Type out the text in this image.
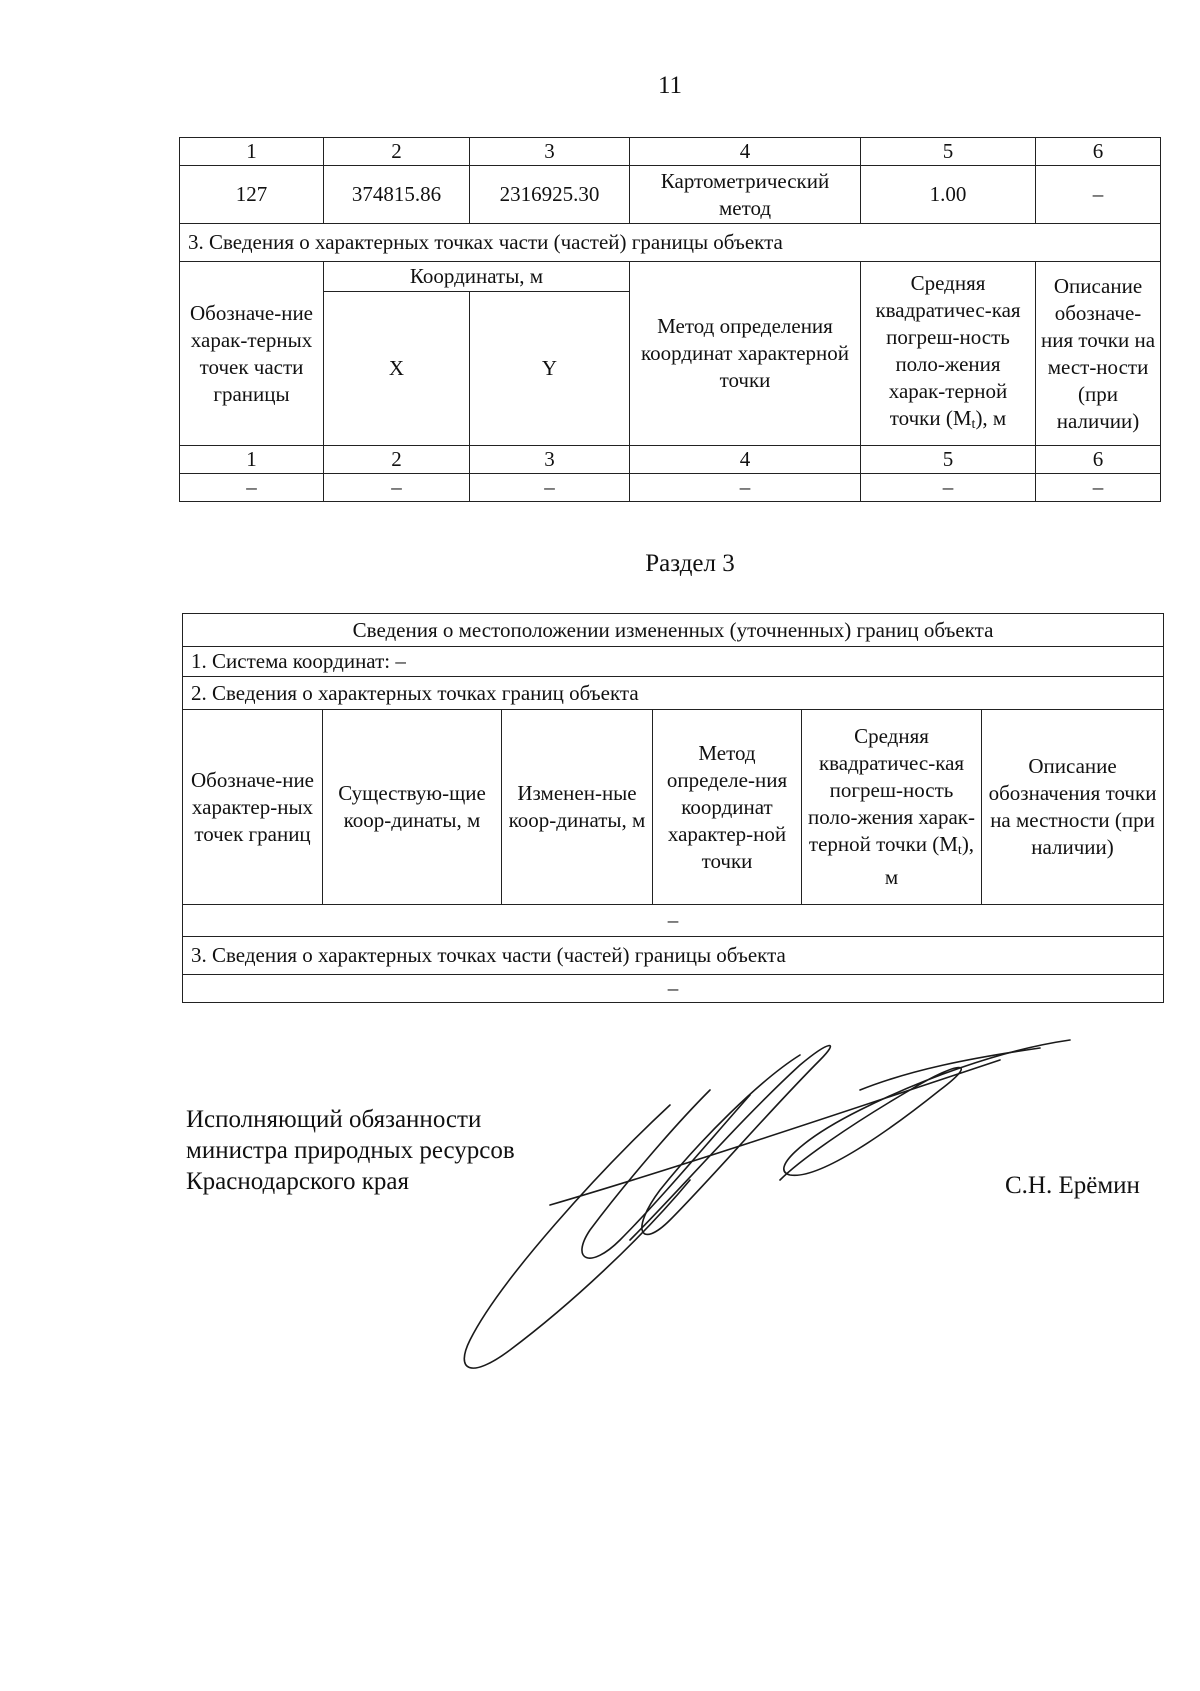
11
1	2	3	4	5	6
127	374815.86	2316925.30	Картометрический метод	1.00	–
3. Сведения о характерных точках части (частей) границы объекта					
Обозначе-ние харак-терных точек части границы	Координаты, м		Метод определения координат характерной точки	Средняя квадратичес-кая погреш-ность поло-жения харак-терной точки $(M_t)$, м	Описание обозначе-ния точки на мест-ности (при наличии)
	X	Y			
1	2	3	4	5	6
–	–	–	–	–	–
Раздел 3
Сведения о местоположении измененных (уточненных) границ объекта
1. Система координат: –
2. Сведения о характерных точках границ объекта
Обозначе-ние характер-ных точек границ	Существую-щие коор-динаты, м	Изменен-ные коор-динаты, м	Метод определе-ния координат характер-ной точки	Средняя квадратичес-кая погреш-ность поло-жения харак-терной точки $(M_t)$, м	Описание обозначения точки на местности (при наличии)
–
3. Сведения о характерных точках части (частей) границы объекта
–
Исполняющий обязанности
министра природных ресурсов
Краснодарского края	С.Н. Ерёмин
